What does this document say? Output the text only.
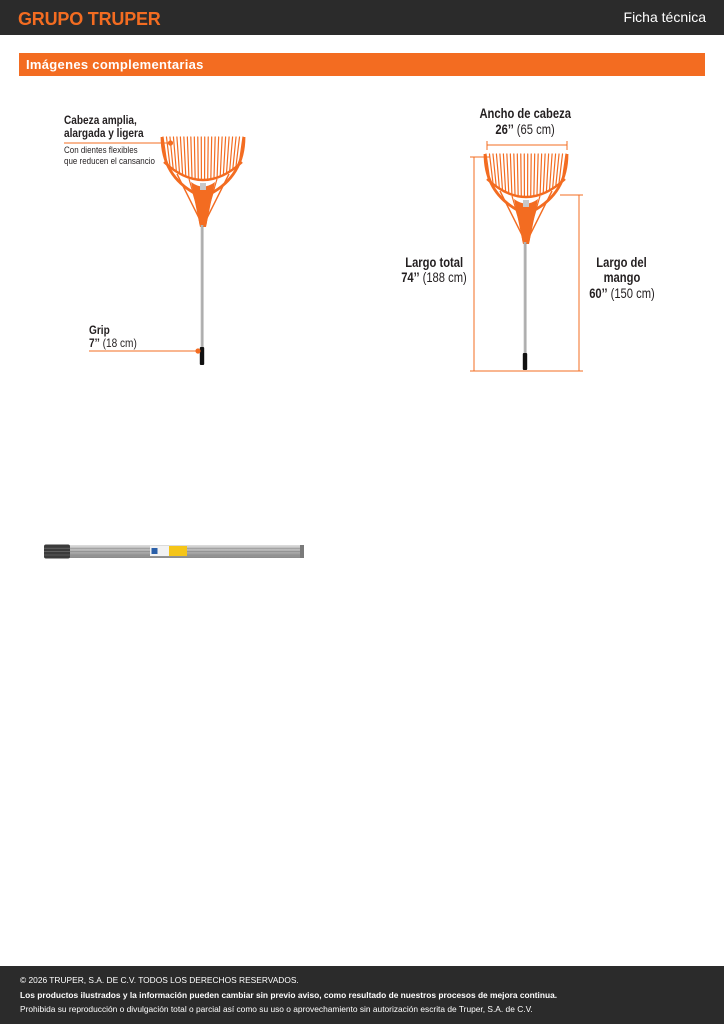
GRUPO TRUPER	Ficha técnica
Imágenes complementarias
Cabeza amplia,
alargada y ligera
Con dientes flexibles
que reducen el cansancio
Grip
7’’ (18 cm)
Ancho de cabeza
26’’ (65 cm)
Largo total
74’’ (188 cm)
Largo del
mango
60’’ (150 cm)
© 2026 TRUPER, S.A. DE C.V. TODOS LOS DERECHOS RESERVADOS.
Los productos ilustrados y la información pueden cambiar sin previo aviso, como resultado de nuestros procesos de mejora continua.
Prohibida su reproducción o divulgación total o parcial así como su uso o aprovechamiento sin autorización escrita de Truper, S.A. de C.V.
